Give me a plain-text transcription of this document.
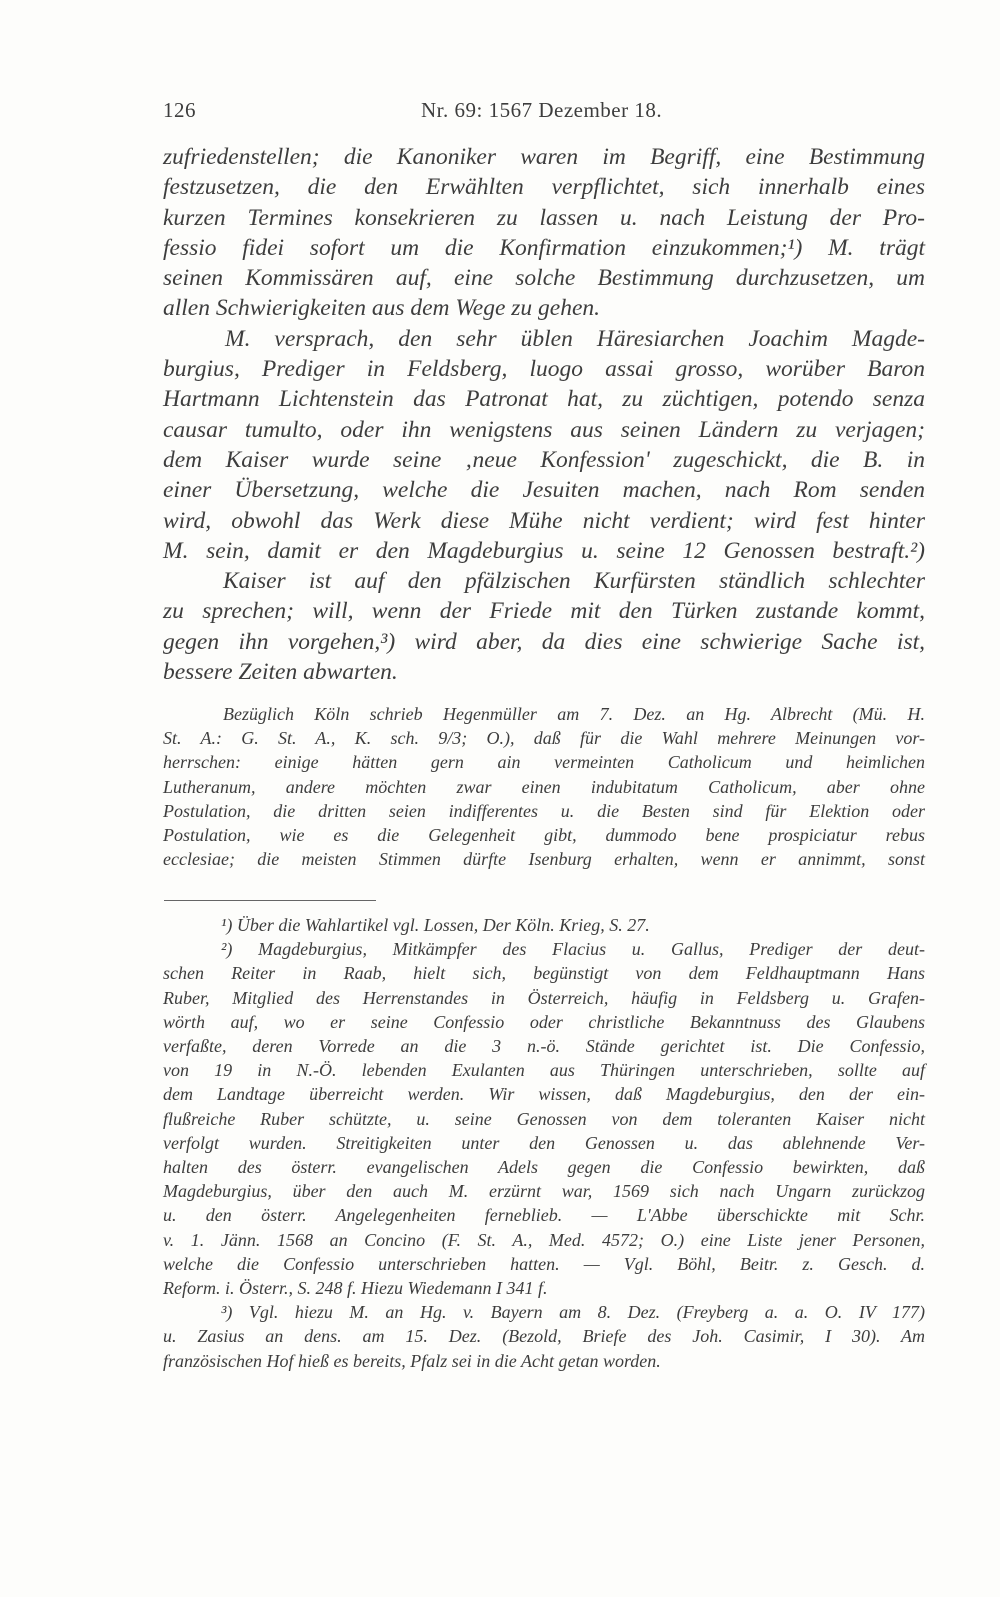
126	Nr. 69: 1567 Dezember 18.
zufriedenstellen; die Kanoniker waren im Begriff, eine Bestimmung
festzusetzen, die den Erwählten verpflichtet, sich innerhalb eines
kurzen Termines konsekrieren zu lassen u. nach Leistung der Pro-
fessio fidei sofort um die Konfirmation einzukommen;¹) M. trägt
seinen Kommissären auf, eine solche Bestimmung durchzusetzen, um
allen Schwierigkeiten aus dem Wege zu gehen.
M. versprach, den sehr üblen Häresiarchen Joachim Magde-
burgius, Prediger in Feldsberg, luogo assai grosso, worüber Baron
Hartmann Lichtenstein das Patronat hat, zu züchtigen, potendo senza
causar tumulto, oder ihn wenigstens aus seinen Ländern zu verjagen;
dem Kaiser wurde seine ‚neue Konfession' zugeschickt, die B. in
einer Übersetzung, welche die Jesuiten machen, nach Rom senden
wird, obwohl das Werk diese Mühe nicht verdient; wird fest hinter
M. sein, damit er den Magdeburgius u. seine 12 Genossen bestraft.²)
Kaiser ist auf den pfälzischen Kurfürsten ständlich schlechter
zu sprechen; will, wenn der Friede mit den Türken zustande kommt,
gegen ihn vorgehen,³) wird aber, da dies eine schwierige Sache ist,
bessere Zeiten abwarten.
Bezüglich Köln schrieb Hegenmüller am 7. Dez. an Hg. Albrecht (Mü. H.
St. A.: G. St. A., K. sch. 9/3; O.), daß für die Wahl mehrere Meinungen vor-
herrschen: einige hätten gern ain vermeinten Catholicum und heimlichen
Lutheranum, andere möchten zwar einen indubitatum Catholicum, aber ohne
Postulation, die dritten seien indifferentes u. die Besten sind für Elektion oder
Postulation, wie es die Gelegenheit gibt, dummodo bene prospiciatur rebus
ecclesiae; die meisten Stimmen dürfte Isenburg erhalten, wenn er annimmt, sonst
¹) Über die Wahlartikel vgl. Lossen, Der Köln. Krieg, S. 27.
²) Magdeburgius, Mitkämpfer des Flacius u. Gallus, Prediger der deut-
schen Reiter in Raab, hielt sich, begünstigt von dem Feldhauptmann Hans
Ruber, Mitglied des Herrenstandes in Österreich, häufig in Feldsberg u. Grafen-
wörth auf, wo er seine Confessio oder christliche Bekanntnuss des Glaubens
verfaßte, deren Vorrede an die 3 n.-ö. Stände gerichtet ist. Die Confessio,
von 19 in N.-Ö. lebenden Exulanten aus Thüringen unterschrieben, sollte auf
dem Landtage überreicht werden. Wir wissen, daß Magdeburgius, den der ein-
flußreiche Ruber schützte, u. seine Genossen von dem toleranten Kaiser nicht
verfolgt wurden. Streitigkeiten unter den Genossen u. das ablehnende Ver-
halten des österr. evangelischen Adels gegen die Confessio bewirkten, daß
Magdeburgius, über den auch M. erzürnt war, 1569 sich nach Ungarn zurückzog
u. den österr. Angelegenheiten fernebliеb. — L'Abbe überschickte mit Schr.
v. 1. Jänn. 1568 an Concino (F. St. A., Med. 4572; O.) eine Liste jener Personen,
welche die Confessio unterschrieben hatten. — Vgl. Böhl, Beitr. z. Gesch. d.
Reform. i. Österr., S. 248 f. Hiezu Wiedemann I 341 f.
³) Vgl. hiezu M. an Hg. v. Bayern am 8. Dez. (Freyberg a. a. O. IV 177)
u. Zasius an dens. am 15. Dez. (Bezold, Briefe des Joh. Casimir, I 30). Am
französischen Hof hieß es bereits, Pfalz sei in die Acht getan worden.
